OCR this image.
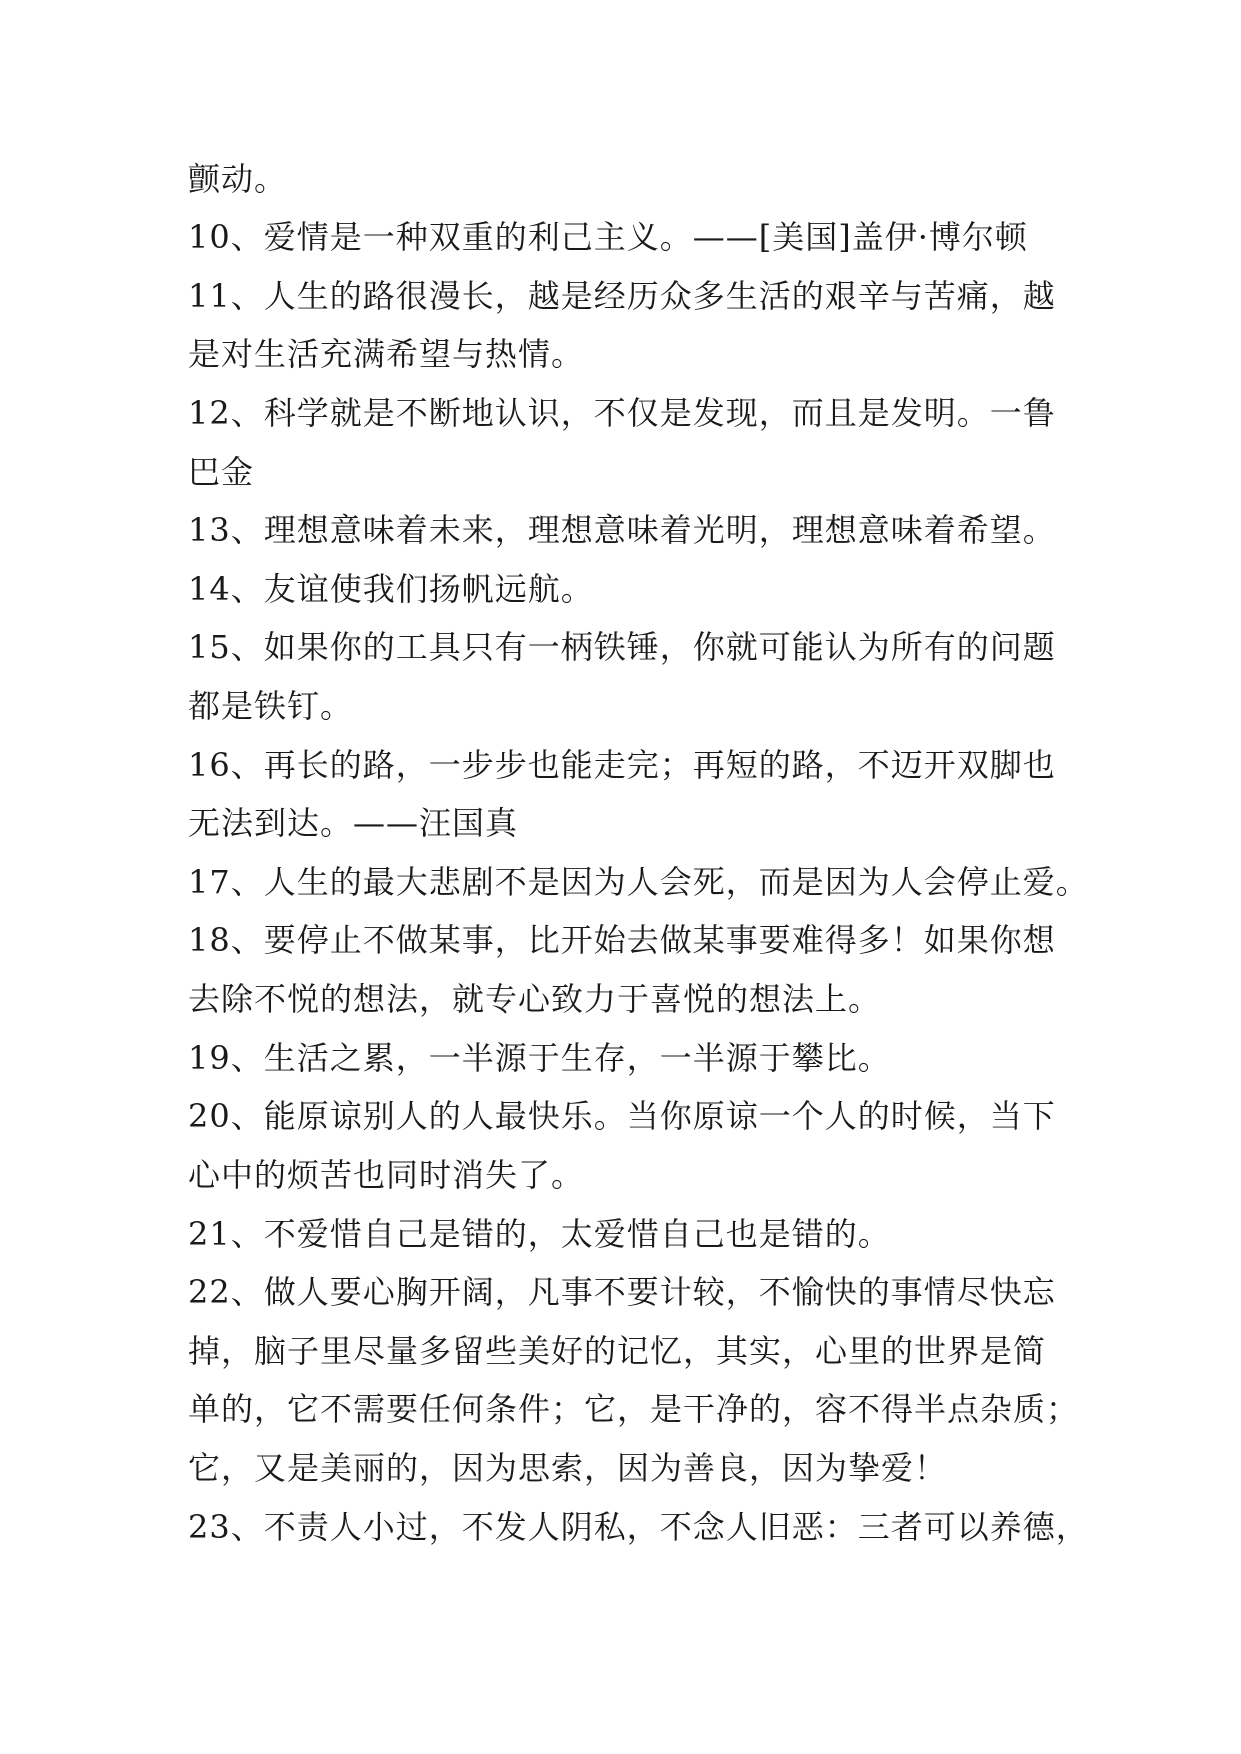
颤动。
10、爱情是一种双重的利己主义。——[美国]盖伊·博尔顿
11、人生的路很漫长，越是经历众多生活的艰辛与苦痛，越
是对生活充满希望与热情。
12、科学就是不断地认识，不仅是发现，而且是发明。一鲁
巴金
13、理想意味着未来，理想意味着光明，理想意味着希望。
14、友谊使我们扬帆远航。
15、如果你的工具只有一柄铁锤，你就可能认为所有的问题
都是铁钉。
16、再长的路，一步步也能走完；再短的路，不迈开双脚也
无法到达。——汪国真
17、人生的最大悲剧不是因为人会死，而是因为人会停止爱。
18、要停止不做某事，比开始去做某事要难得多！如果你想
去除不悦的想法，就专心致力于喜悦的想法上。
19、生活之累，一半源于生存，一半源于攀比。
20、能原谅别人的人最快乐。当你原谅一个人的时候，当下
心中的烦苦也同时消失了。
21、不爱惜自己是错的，太爱惜自己也是错的。
22、做人要心胸开阔，凡事不要计较，不愉快的事情尽快忘
掉，脑子里尽量多留些美好的记忆，其实，心里的世界是简
单的，它不需要任何条件；它，是干净的，容不得半点杂质；
它，又是美丽的，因为思索，因为善良，因为挚爱！
23、不责人小过，不发人阴私，不念人旧恶：三者可以养德，
